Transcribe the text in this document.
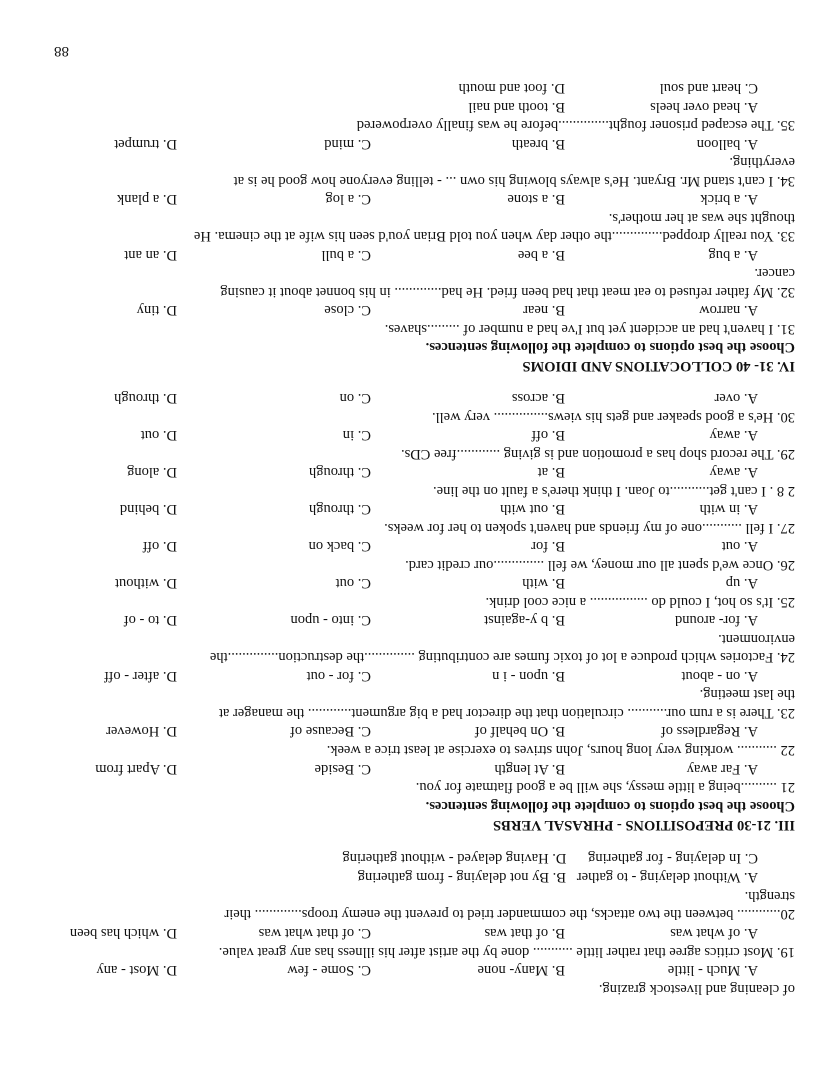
of cleaning and livestock grazing.
A. Much - little
B. Many- none
C. Some - few
D. Most - any
19. Most critics agree that rather little ........... done by the artist after his illness has any great value.
A. of what was
B. of that was
C. of that what was
D. which has been
20............ between the two attacks, the commander tried to prevent the enemy troops............. their
strength.
A. Without delaying - to gather   B. By not delaying - from gathering
C. In delaying - for gathering      D. Having delayed - without gathering
III. 21-30 PREPOSITIONS - PHRASAL VERBS
Choose the best options to complete the following sentences.
21 ..........being a little messy, she will be a good flatmate for you.
A. Far away
B. At length
C. Beside
D. Apart from
22 ........... working very long hours, John strives to exercise at least trice a week.
A. Regardless of
B. On behalf of
C. Because of
D. However
23. There is a rum our........... circulation that the director had a big argument............ the manager at
the last meeting.
A. on - about
B. upon - i n
C. for - out
D. after - off
24. Factories which produce a lot of toxic fumes are contributing ..............the destruction..............the
environment.
A. for- around
B. b y-against
C. into - upon
D. to - of
25. It's so hot, I could do ................ a nice cool drink.
A. up
B. with
C. out
D. without
26. Once we'd spent all our money, we fell ..............our credit card.
A. out
B. for
C. back on
D. off
27. I fell ...........one of my friends and haven't spoken to her for weeks.
A. in with
B. out with
C. through
D. behind
2 8 . I can't get...........to Joan. I think there's a fault on the line.
A. away
B. at
C. through
D. along
29. The record shop has a promotion and is giving ............free CDs.
A. away
B. off
C. in
D. out
30. He's a good speaker and gets his views............... very well.
A. over
B. across
C. on
D. through
IV. 31- 40 COLLOCATIONS AND IDIOMS
Choose the best options to complete the following sentences.
31. I haven't had an accident yet but I've had a number of .........shaves.
A. narrow
B. near
C. close
D. tiny
32. My father refused to eat meat that had been fried. He had............. in his bonnet about it causing
cancer.
A. a bug
B. a bee
C. a bull
D. an ant
33. You really dropped..............the other day when you told Brian you'd seen his wife at the cinema. He
thought she was at her mother's.
A. a brick
B. a stone
C. a log
D. a plank
34. I can't stand Mr. Bryant. He's always blowing his own ... - telling everyone how good he is at
everything.
A. balloon
B. breath
C. mind
D. trumpet
35. The escaped prisoner fought..............before he was finally overpowered
A. head over heels
B. tooth and nail
C. heart and soul
D. foot and mouth
88
